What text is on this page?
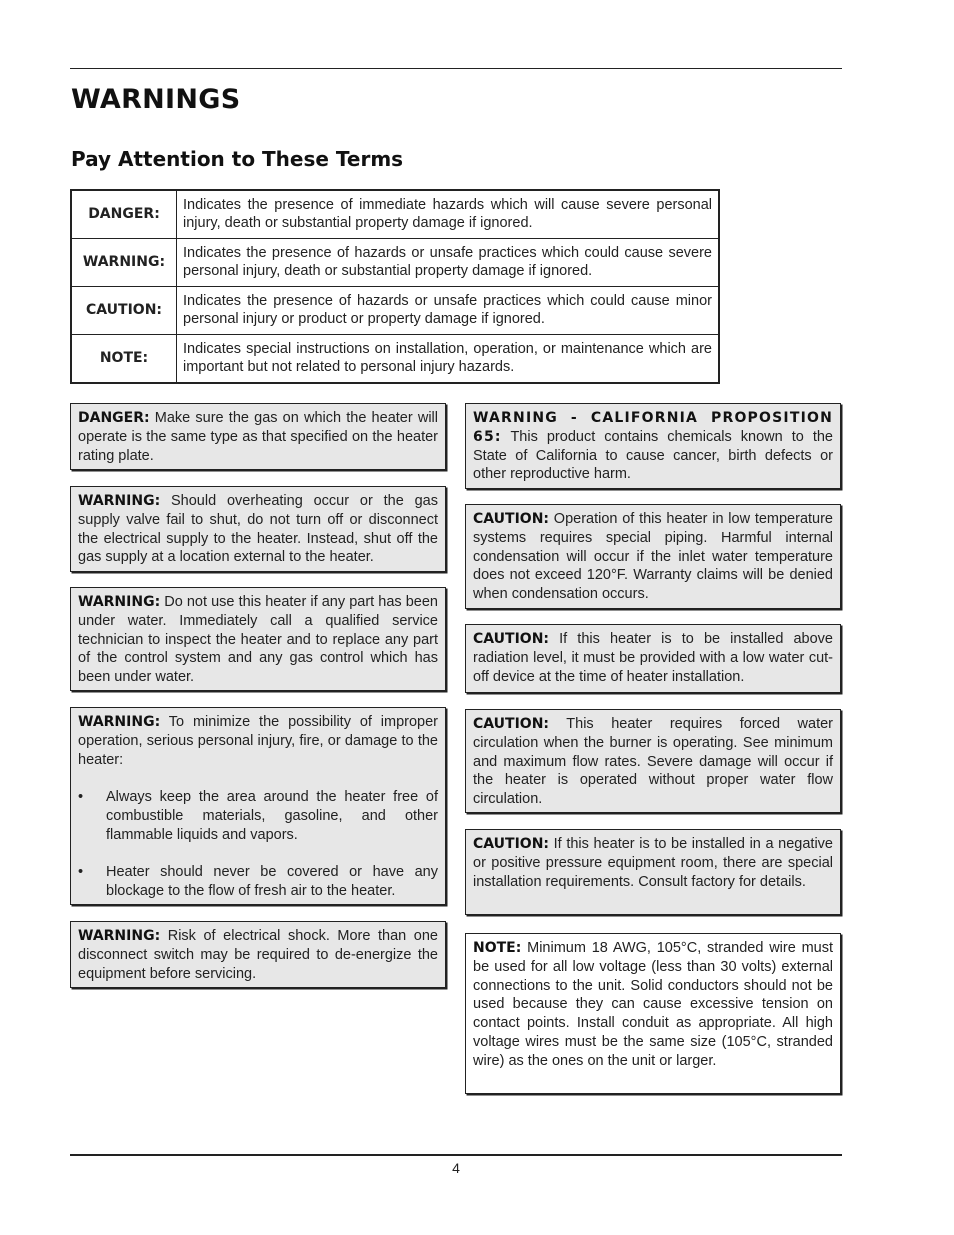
WARNINGS
Pay Attention to These Terms
DANGER:	Indicates the presence of immediate hazards which will cause severe personal injury, death or substantial property damage if ignored.
WARNING:	Indicates the presence of hazards or unsafe practices which could cause severe personal injury, death or substantial property damage if ignored.
CAUTION:	Indicates the presence of hazards or unsafe practices which could cause minor personal injury or product or property damage if ignored.
NOTE:	Indicates special instructions on installation, operation, or maintenance which are important but not related to personal injury hazards.

DANGER: Make sure the gas on which the heater will operate is the same type as that specified on the heater rating plate.

WARNING: Should overheating occur or the gas supply valve fail to shut, do not turn off or disconnect the electrical supply to the heater. Instead, shut off the gas supply at a location external to the heater.

WARNING: Do not use this heater if any part has been under water. Immediately call a qualified service technician to inspect the heater and to replace any part of the control system and any gas control which has been under water.

WARNING: To minimize the possibility of improper operation, serious personal injury, fire, or damage to the heater:

• Always keep the area around the heater free of combustible materials, gasoline, and other flammable liquids and vapors.
• Heater should never be covered or have any blockage to the flow of fresh air to the heater.

WARNING: Risk of electrical shock. More than one disconnect switch may be required to de-energize the equipment before servicing.

WARNING - CALIFORNIA PROPOSITION 65: This product contains chemicals known to the State of California to cause cancer, birth defects or other reproductive harm.

CAUTION: Operation of this heater in low temperature systems requires special piping. Harmful internal condensation will occur if the inlet water temperature does not exceed 120°F. Warranty claims will be denied when condensation occurs.

CAUTION: If this heater is to be installed above radiation level, it must be provided with a low water cut-off device at the time of heater installation.

CAUTION: This heater requires forced water circulation when the burner is operating. See minimum and maximum flow rates. Severe damage will occur if the heater is operated without proper water flow circulation.

CAUTION: If this heater is to be installed in a negative or positive pressure equipment room, there are special installation requirements. Consult factory for details.

NOTE: Minimum 18 AWG, 105°C, stranded wire must be used for all low voltage (less than 30 volts) external connections to the unit. Solid conductors should not be used because they can cause excessive tension on contact points. Install conduit as appropriate. All high voltage wires must be the same size (105°C, stranded wire) as the ones on the unit or larger.

4
